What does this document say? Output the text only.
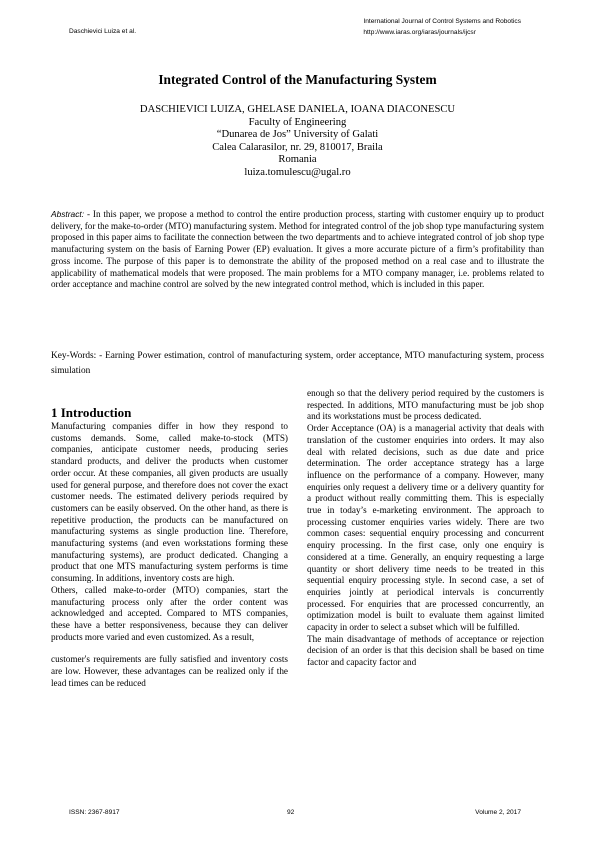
Daschievici Luiza et al.
International Journal of Control Systems and Robotics
http://www.iaras.org/iaras/journals/ijcsr
Integrated Control of the Manufacturing System
DASCHIEVICI LUIZA, GHELASE DANIELA, IOANA DIACONESCU
Faculty of Engineering
“Dunarea de Jos” University of Galati
Calea Calarasilor, nr. 29, 810017, Braila
Romania
luiza.tomulescu@ugal.ro
Abstract: - In this paper, we propose a method to control the entire production process, starting with customer enquiry up to product delivery, for the make-to-order (MTO) manufacturing system. Method for integrated control of the job shop type manufacturing system proposed in this paper aims to facilitate the connection between the two departments and to achieve integrated control of job shop type manufacturing system on the basis of Earning Power (EP) evaluation. It gives a more accurate picture of a firm’s profitability than gross income. The purpose of this paper is to demonstrate the ability of the proposed method on a real case and to illustrate the applicability of mathematical models that were proposed. The main problems for a MTO company manager, i.e. problems related to order acceptance and machine control are solved by the new integrated control method, which is included in this paper.
Key-Words: - Earning Power estimation, control of manufacturing system, order acceptance, MTO manufacturing system, process simulation
1 Introduction

Manufacturing companies differ in how they respond to customs demands. Some, called make-to-stock (MTS) companies, anticipate customer needs, producing series standard products, and deliver the products when customer order occur. At these companies, all given products are usually used for general purpose, and therefore does not cover the exact customer needs. The estimated delivery periods required by customers can be easily observed. On the other hand, as there is repetitive production, the products can be manufactured on manufacturing systems as single production line. Therefore, manufacturing systems (and even workstations forming these manufacturing systems), are product dedicated. Changing a product that one MTS manufacturing system performs is time consuming. In additions, inventory costs are high.

Others, called make-to-order (MTO) companies, start the manufacturing process only after the order content was acknowledged and accepted. Compared to MTS companies, these have a better responsiveness, because they can deliver products more varied and even customized. As a result,

customer's requirements are fully satisfied and inventory costs are low. However, these advantages can be realized only if the lead times can be reduced

enough so that the delivery period required by the customers is respected. In additions, MTO manufacturing must be job shop and its workstations must be process dedicated.

Order Acceptance (OA) is a managerial activity that deals with translation of the customer enquiries into orders. It may also deal with related decisions, such as due date and price determination. The order acceptance strategy has a large influence on the performance of a company. However, many enquiries only request a delivery time or a delivery quantity for a product without really committing them. This is especially true in today’s e-marketing environment. The approach to processing customer enquiries varies widely. There are two common cases: sequential enquiry processing and concurrent enquiry processing. In the first case, only one enquiry is considered at a time. Generally, an enquiry requesting a large quantity or short delivery time needs to be treated in this sequential enquiry processing style. In second case, a set of enquiries jointly at periodical intervals is concurrently processed. For enquiries that are processed concurrently, an optimization model is built to evaluate them against limited capacity in order to select a subset which will be fulfilled.

The main disadvantage of methods of acceptance or rejection decision of an order is that this decision shall be based on time factor and capacity factor and

ISSN: 2367-8917	92	Volume 2, 2017
